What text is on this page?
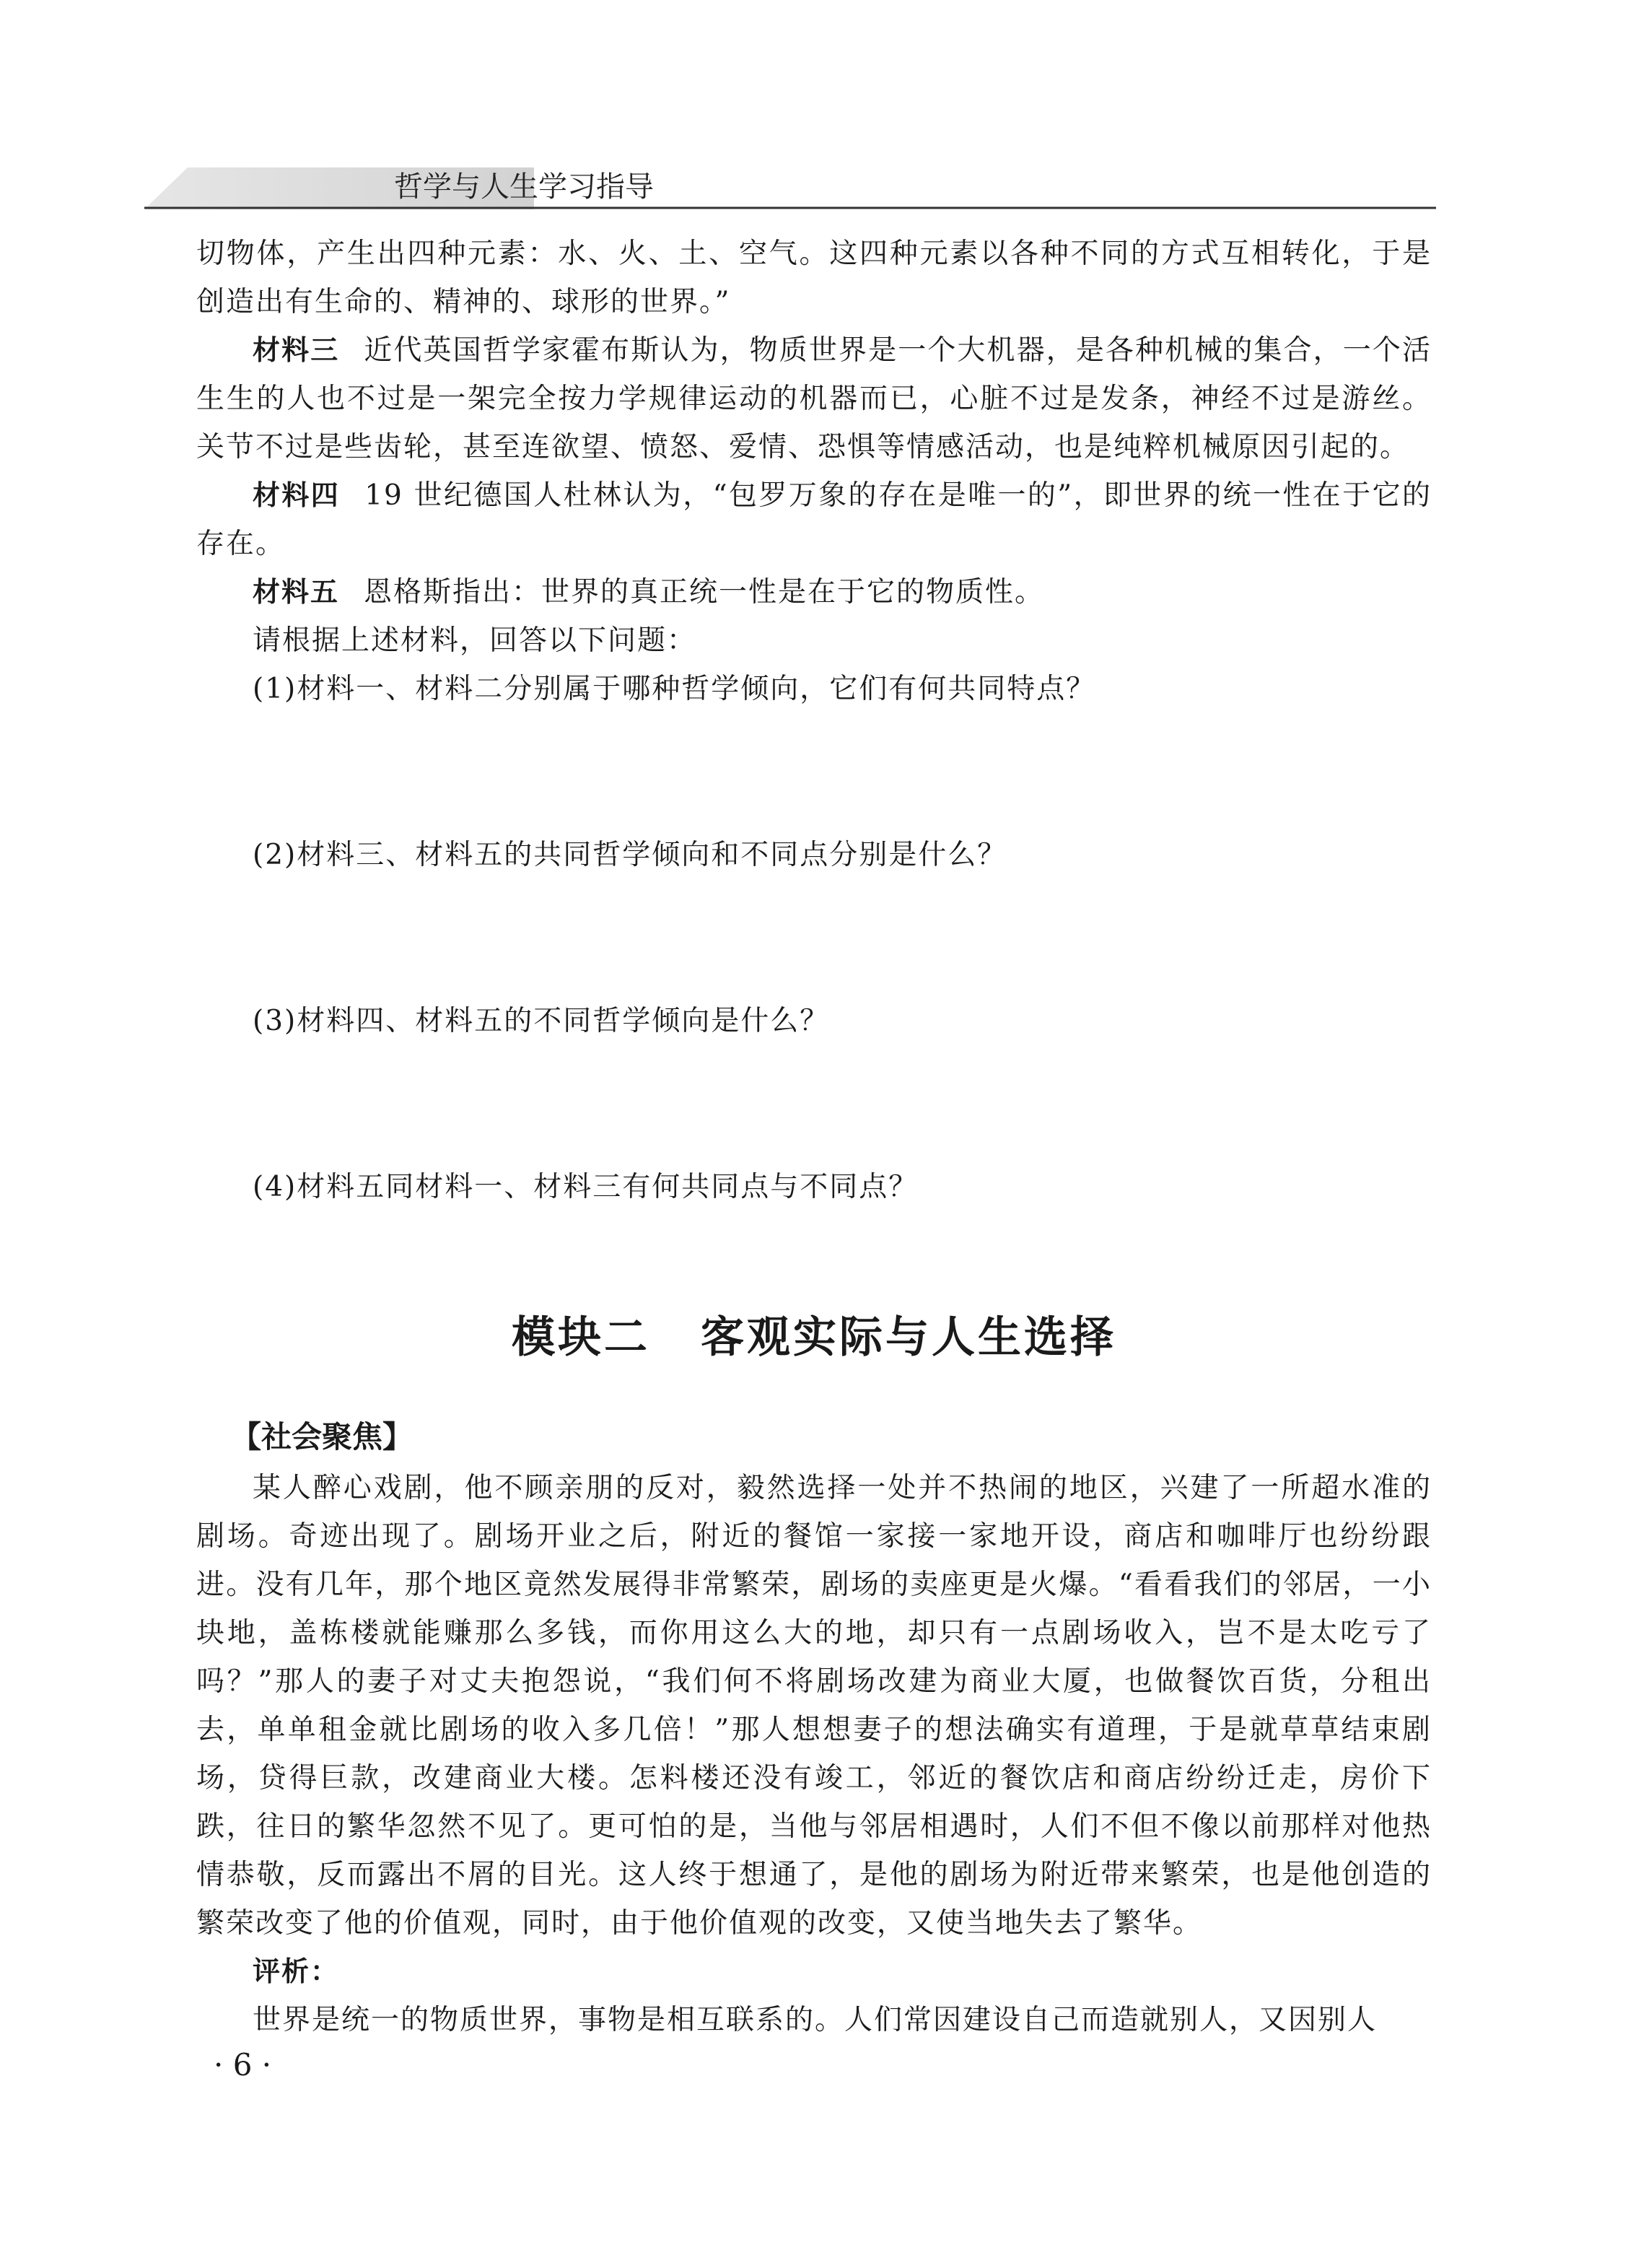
哲学与人生学习指导

切物体，产生出四种元素：水、火、土、空气。这四种元素以各种不同的方式互相转化，于是创造出有生命的、精神的、球形的世界。”

材料三 近代英国哲学家霍布斯认为，物质世界是一个大机器，是各种机械的集合，一个活生生的人也不过是一架完全按力学规律运动的机器而已，心脏不过是发条，神经不过是游丝。关节不过是些齿轮，甚至连欲望、愤怒、爱情、恐惧等情感活动，也是纯粹机械原因引起的。

材料四 19 世纪德国人杜林认为，“包罗万象的存在是唯一的”，即世界的统一性在于它的存在。

材料五 恩格斯指出：世界的真正统一性是在于它的物质性。

请根据上述材料，回答以下问题：

(1)材料一、材料二分别属于哪种哲学倾向，它们有何共同特点？

(2)材料三、材料五的共同哲学倾向和不同点分别是什么？

(3)材料四、材料五的不同哲学倾向是什么？

(4)材料五同材料一、材料三有何共同点与不同点？

模块二 客观实际与人生选择
【社会聚焦】

某人醉心戏剧，他不顾亲朋的反对，毅然选择一处并不热闹的地区，兴建了一所超水准的剧场。奇迹出现了。剧场开业之后，附近的餐馆一家接一家地开设，商店和咖啡厅也纷纷跟进。没有几年，那个地区竟然发展得非常繁荣，剧场的卖座更是火爆。“看看我们的邻居，一小块地，盖栋楼就能赚那么多钱，而你用这么大的地，却只有一点剧场收入，岂不是太吃亏了吗？”那人的妻子对丈夫抱怨说，“我们何不将剧场改建为商业大厦，也做餐饮百货，分租出去，单单租金就比剧场的收入多几倍！”那人想想妻子的想法确实有道理，于是就草草结束剧场，贷得巨款，改建商业大楼。怎料楼还没有竣工，邻近的餐饮店和商店纷纷迁走，房价下跌，往日的繁华忽然不见了。更可怕的是，当他与邻居相遇时，人们不但不像以前那样对他热情恭敬，反而露出不屑的目光。这人终于想通了，是他的剧场为附近带来繁荣，也是他创造的繁荣改变了他的价值观，同时，由于他价值观的改变，又使当地失去了繁华。

评析：

世界是统一的物质世界，事物是相互联系的。人们常因建设自己而造就别人，又因别人

· 6 ·
